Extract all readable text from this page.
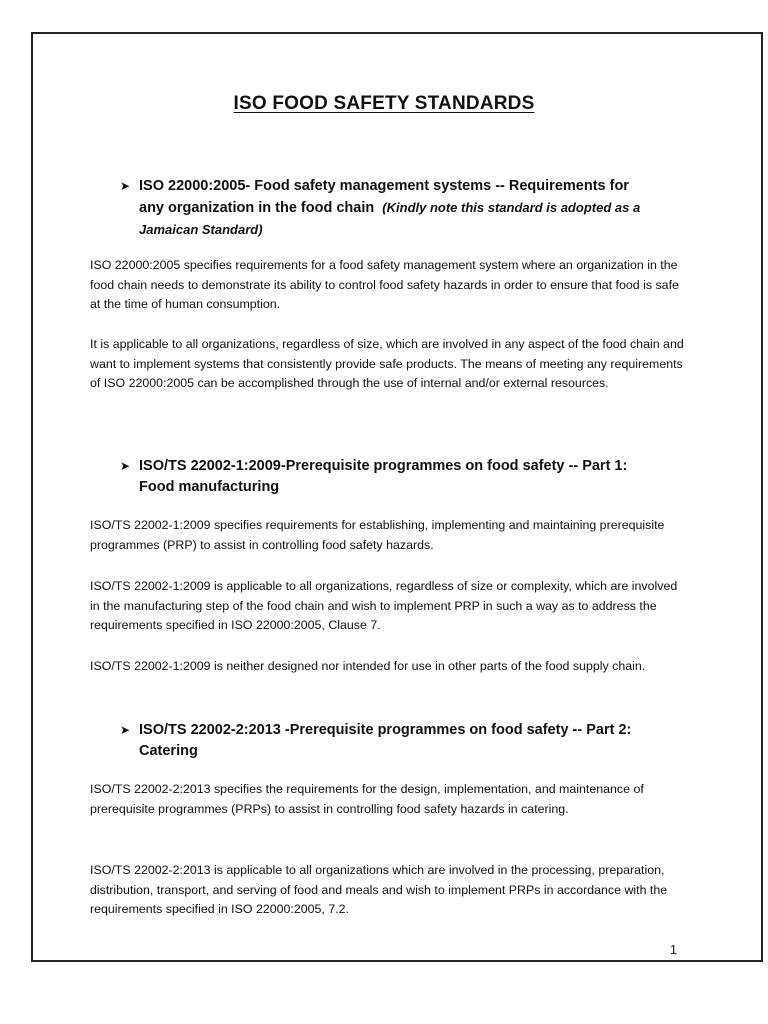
ISO FOOD SAFETY STANDARDS
➤ ISO 22000:2005- Food safety management systems -- Requirements for
any organization in the food chain (Kindly note this standard is adopted as a
Jamaican Standard)
ISO 22000:2005 specifies requirements for a food safety management system where an organization in the food chain needs to demonstrate its ability to control food safety hazards in order to ensure that food is safe at the time of human consumption.
It is applicable to all organizations, regardless of size, which are involved in any aspect of the food chain and want to implement systems that consistently provide safe products. The means of meeting any requirements of ISO 22000:2005 can be accomplished through the use of internal and/or external resources.
➤ ISO/TS 22002-1:2009-Prerequisite programmes on food safety -- Part 1:
Food manufacturing
ISO/TS 22002-1:2009 specifies requirements for establishing, implementing and maintaining prerequisite programmes (PRP) to assist in controlling food safety hazards.
ISO/TS 22002-1:2009 is applicable to all organizations, regardless of size or complexity, which are involved in the manufacturing step of the food chain and wish to implement PRP in such a way as to address the requirements specified in ISO 22000:2005, Clause 7.
ISO/TS 22002-1:2009 is neither designed nor intended for use in other parts of the food supply chain.
➤ ISO/TS 22002-2:2013 -Prerequisite programmes on food safety -- Part 2:
Catering
ISO/TS 22002-2:2013 specifies the requirements for the design, implementation, and maintenance of prerequisite programmes (PRPs) to assist in controlling food safety hazards in catering.
ISO/TS 22002-2:2013 is applicable to all organizations which are involved in the processing, preparation, distribution, transport, and serving of food and meals and wish to implement PRPs in accordance with the requirements specified in ISO 22000:2005, 7.2.
1
